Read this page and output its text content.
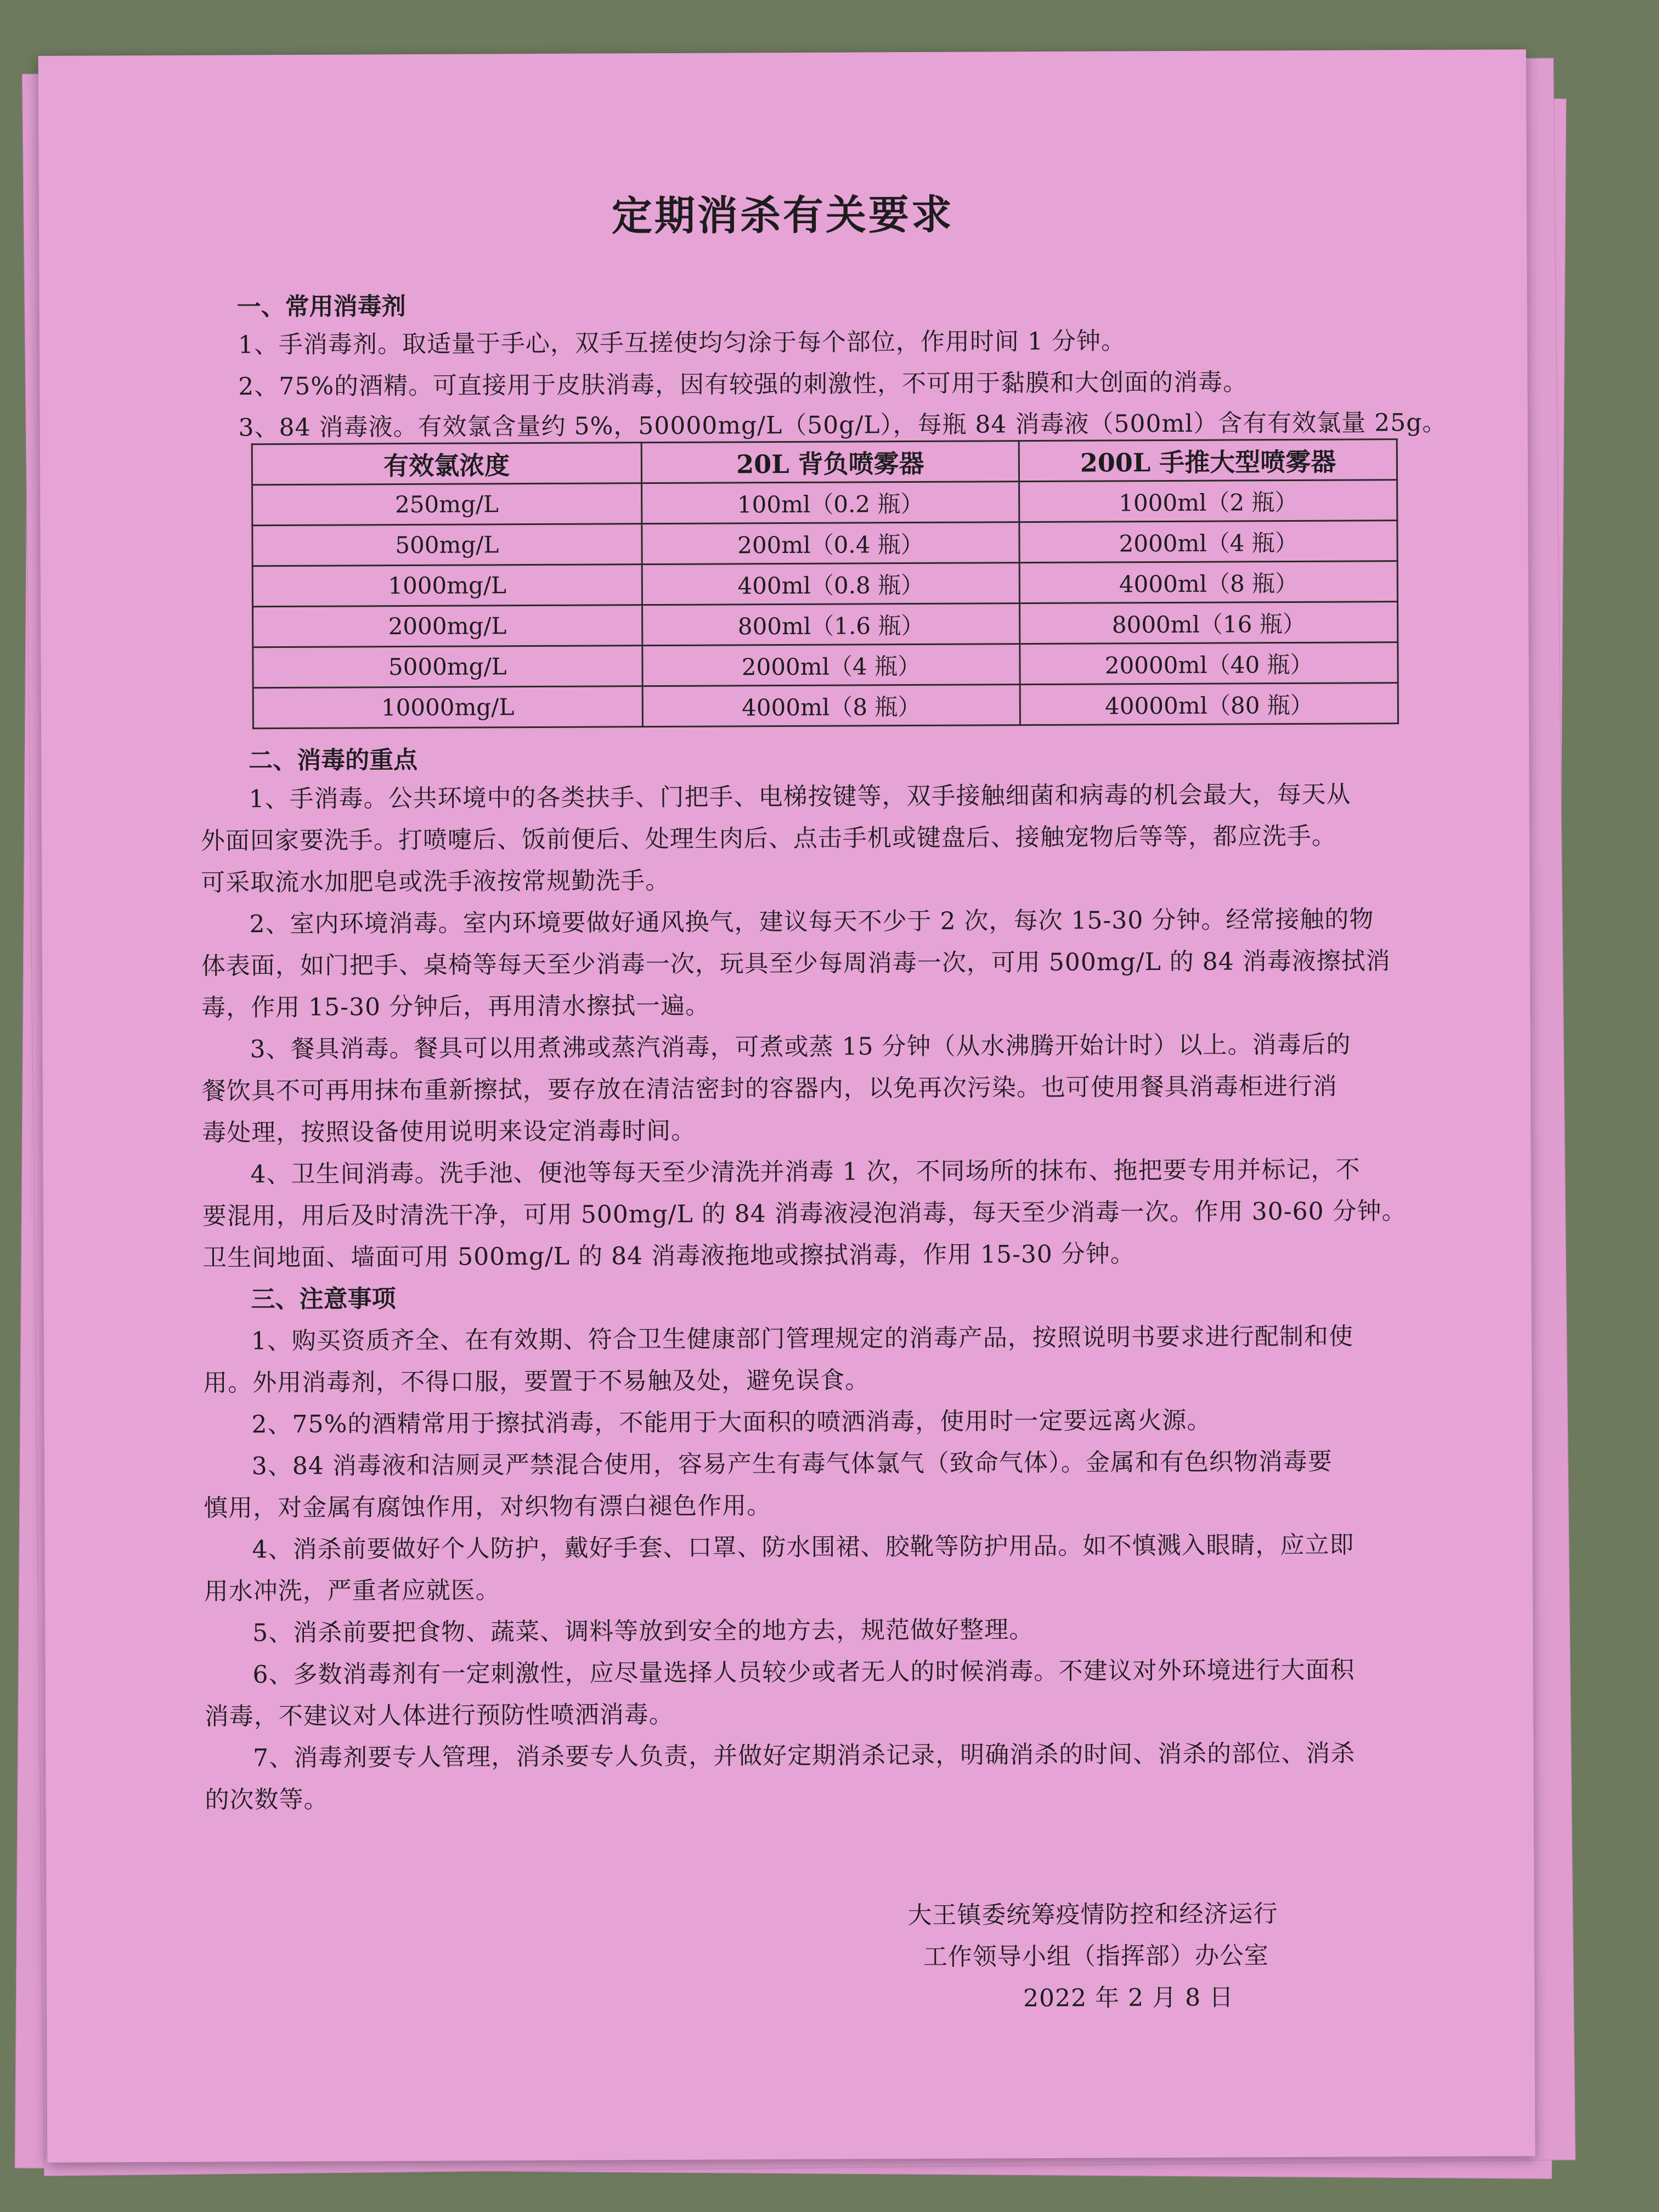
定期消杀有关要求
一、常用消毒剂
1、手消毒剂。取适量于手心，双手互搓使均匀涂于每个部位，作用时间 1 分钟。
2、75%的酒精。可直接用于皮肤消毒，因有较强的刺激性，不可用于黏膜和大创面的消毒。
3、84 消毒液。有效氯含量约 5%，50000mg/L（50g/L），每瓶 84 消毒液（500ml）含有有效氯量 25g。
有效氯浓度	20L 背负喷雾器	200L 手推大型喷雾器
250mg/L	100ml（0.2 瓶）	1000ml（2 瓶）
500mg/L	200ml（0.4 瓶）	2000ml（4 瓶）
1000mg/L	400ml（0.8 瓶）	4000ml（8 瓶）
2000mg/L	800ml（1.6 瓶）	8000ml（16 瓶）
5000mg/L	2000ml（4 瓶）	20000ml（40 瓶）
10000mg/L	4000ml（8 瓶）	40000ml（80 瓶）
二、消毒的重点
1、手消毒。公共环境中的各类扶手、门把手、电梯按键等，双手接触细菌和病毒的机会最大，每天从
外面回家要洗手。打喷嚏后、饭前便后、处理生肉后、点击手机或键盘后、接触宠物后等等，都应洗手。
可采取流水加肥皂或洗手液按常规勤洗手。
2、室内环境消毒。室内环境要做好通风换气，建议每天不少于 2 次，每次 15-30 分钟。经常接触的物
体表面，如门把手、桌椅等每天至少消毒一次，玩具至少每周消毒一次，可用 500mg/L 的 84 消毒液擦拭消
毒，作用 15-30 分钟后，再用清水擦拭一遍。
3、餐具消毒。餐具可以用煮沸或蒸汽消毒，可煮或蒸 15 分钟（从水沸腾开始计时）以上。消毒后的
餐饮具不可再用抹布重新擦拭，要存放在清洁密封的容器内，以免再次污染。也可使用餐具消毒柜进行消
毒处理，按照设备使用说明来设定消毒时间。
4、卫生间消毒。洗手池、便池等每天至少清洗并消毒 1 次，不同场所的抹布、拖把要专用并标记，不
要混用，用后及时清洗干净，可用 500mg/L 的 84 消毒液浸泡消毒，每天至少消毒一次。作用 30-60 分钟。
卫生间地面、墙面可用 500mg/L 的 84 消毒液拖地或擦拭消毒，作用 15-30 分钟。
三、注意事项
1、购买资质齐全、在有效期、符合卫生健康部门管理规定的消毒产品，按照说明书要求进行配制和使
用。外用消毒剂，不得口服，要置于不易触及处，避免误食。
2、75%的酒精常用于擦拭消毒，不能用于大面积的喷洒消毒，使用时一定要远离火源。
3、84 消毒液和洁厕灵严禁混合使用，容易产生有毒气体氯气（致命气体）。金属和有色织物消毒要
慎用，对金属有腐蚀作用，对织物有漂白褪色作用。
4、消杀前要做好个人防护，戴好手套、口罩、防水围裙、胶靴等防护用品。如不慎溅入眼睛，应立即
用水冲洗，严重者应就医。
5、消杀前要把食物、蔬菜、调料等放到安全的地方去，规范做好整理。
6、多数消毒剂有一定刺激性，应尽量选择人员较少或者无人的时候消毒。不建议对外环境进行大面积
消毒，不建议对人体进行预防性喷洒消毒。
7、消毒剂要专人管理，消杀要专人负责，并做好定期消杀记录，明确消杀的时间、消杀的部位、消杀
的次数等。
大王镇委统筹疫情防控和经济运行
工作领导小组（指挥部）办公室
2022 年 2 月 8 日
